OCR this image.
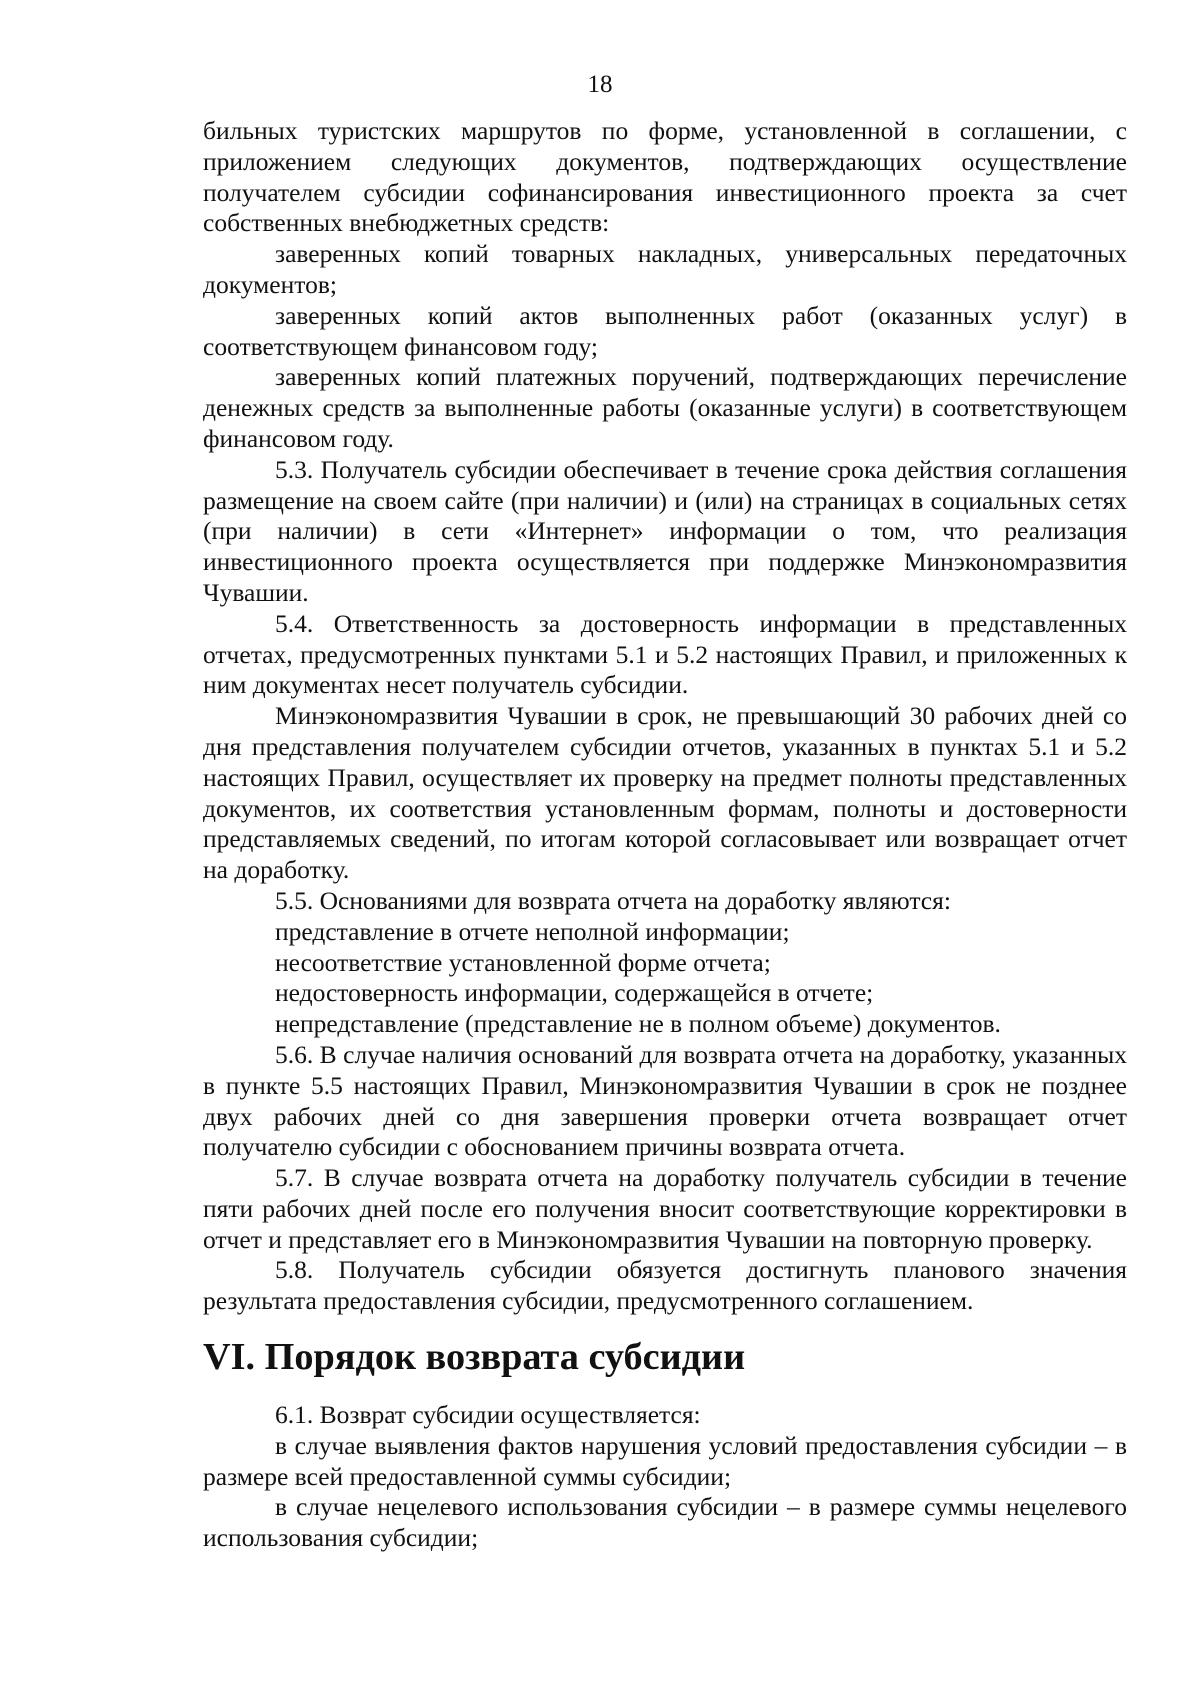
18

бильных туристских маршрутов по форме, установленной в соглашении, с приложением следующих документов, подтверждающих осуществление получателем субсидии софинансирования инвестиционного проекта за счет собственных внебюджетных средств:

заверенных копий товарных накладных, универсальных передаточных документов;

заверенных копий актов выполненных работ (оказанных услуг) в соответствующем финансовом году;

заверенных копий платежных поручений, подтверждающих перечисление денежных средств за выполненные работы (оказанные услуги) в соответствующем финансовом году.

5.3. Получатель субсидии обеспечивает в течение срока действия соглашения размещение на своем сайте (при наличии) и (или) на страницах в социальных сетях (при наличии) в сети «Интернет» информации о том, что реализация инвестиционного проекта осуществляется при поддержке Минэкономразвития Чувашии.

5.4. Ответственность за достоверность информации в представленных отчетах, предусмотренных пунктами 5.1 и 5.2 настоящих Правил, и приложенных к ним документах несет получатель субсидии.

Минэкономразвития Чувашии в срок, не превышающий 30 рабочих дней со дня представления получателем субсидии отчетов, указанных в пунктах 5.1 и 5.2 настоящих Правил, осуществляет их проверку на предмет полноты представленных документов, их соответствия установленным формам, полноты и достоверности представляемых сведений, по итогам которой согласовывает или возвращает отчет на доработку.

5.5. Основаниями для возврата отчета на доработку являются:

представление в отчете неполной информации;

несоответствие установленной форме отчета;

недостоверность информации, содержащейся в отчете;

непредставление (представление не в полном объеме) документов.

5.6. В случае наличия оснований для возврата отчета на доработку, указанных в пункте 5.5 настоящих Правил, Минэкономразвития Чувашии в срок не позднее двух рабочих дней со дня завершения проверки отчета возвращает отчет получателю субсидии с обоснованием причины возврата отчета.

5.7. В случае возврата отчета на доработку получатель субсидии в течение пяти рабочих дней после его получения вносит соответствующие корректировки в отчет и представляет его в Минэкономразвития Чувашии на повторную проверку.

5.8. Получатель субсидии обязуется достигнуть планового значения результата предоставления субсидии, предусмотренного соглашением.

VI. Порядок возврата субсидии

6.1. Возврат субсидии осуществляется:

в случае выявления фактов нарушения условий предоставления субсидии – в размере всей предоставленной суммы субсидии;

в случае нецелевого использования субсидии – в размере суммы нецелевого использования субсидии;
